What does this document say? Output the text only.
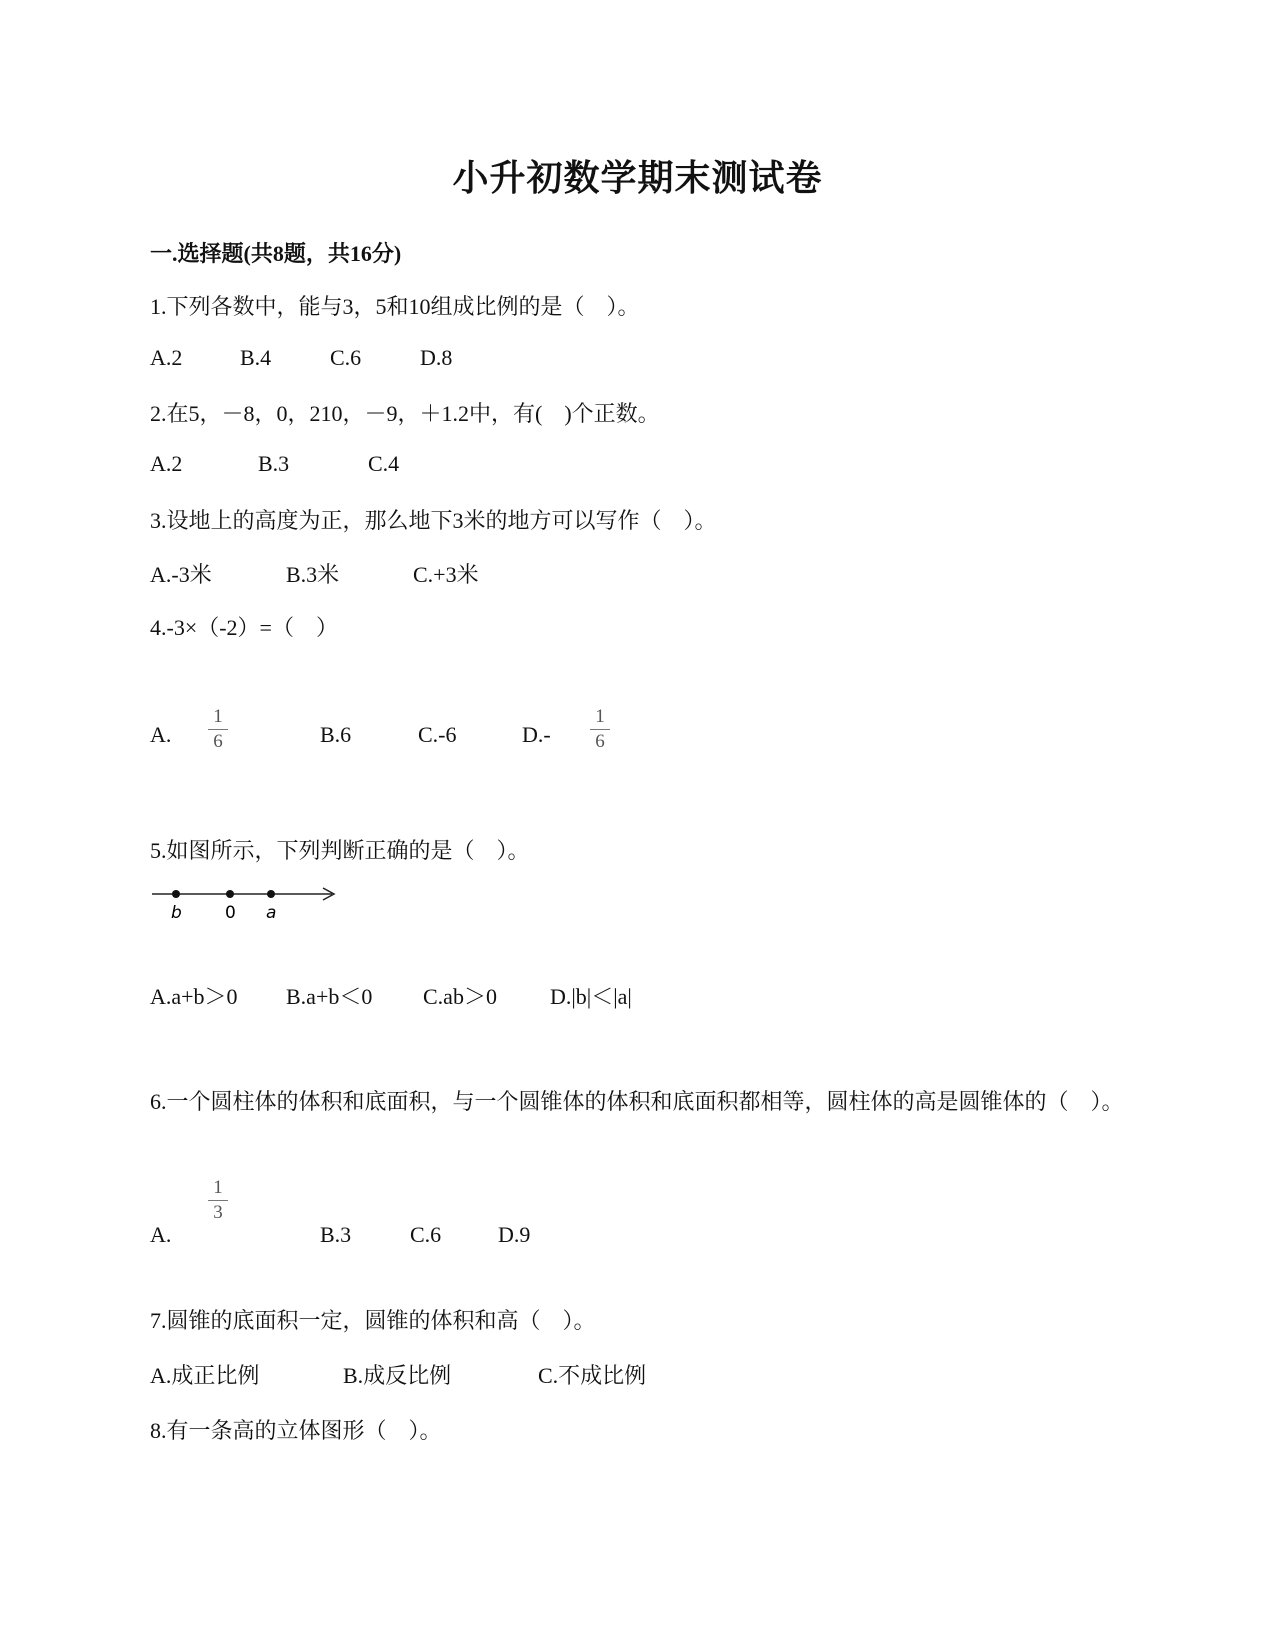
小升初数学期末测试卷
一.选择题(共8题，共16分)
1.下列各数中，能与3，5和10组成比例的是（　）。
A.2	B.4	C.6	D.8
2.在5，－8，0，210，－9，＋1.2中，有(　)个正数。
A.2	B.3	C.4
3.设地上的高度为正，那么地下3米的地方可以写作（　）。
A.-3米	B.3米	C.+3米
4.-3×（-2）=（　）
A.
1
6	B.6	C.-6	D.-
1
6
5.如图所示，下列判断正确的是（　）。
b	0 a
A.a+b＞0 B.a+b＜0 C.ab＞0 D.|b|＜|a|
6.一个圆柱体的体积和底面积，与一个圆锥体的体积和底面积都相等，圆柱体的高是圆锥体的（　）。
A.
1
3
B.3	C.6	D.9
7.圆锥的底面积一定，圆锥的体积和高（　）。
A.成正比例	B.成反比例	C.不成比例
8.有一条高的立体图形（　）。
